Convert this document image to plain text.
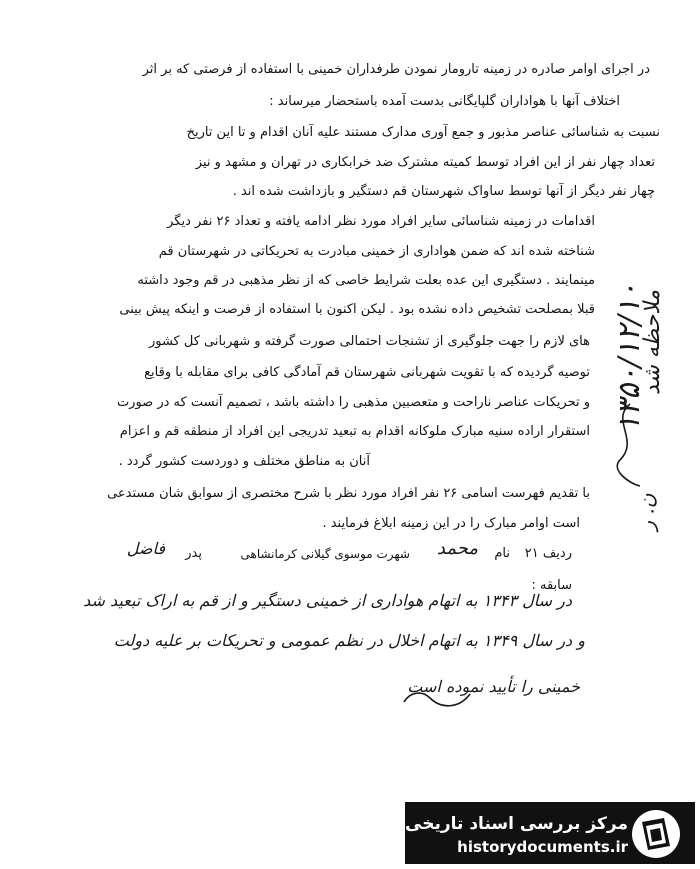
در اجرای اوامر صادره در زمینه تارومار نمودن طرفداران خمینی با استفاده از فرصتی که بر اثر
اختلاف آنها با هواداران گلپایگانی بدست آمده باستحضار میرساند :
نسبت به شناسائی عناصر مذبور و جمع آوری مدارک مستند علیه آنان اقدام و تا این تاریخ
تعداد چهار نفر از این افراد توسط کمیته مشترک ضد خرابکاری در تهران و مشهد و نیز
چهار نفر دیگر از آنها توسط ساواک شهرستان قم دستگیر و بازداشت شده اند .
اقدامات در زمینه شناسائی سایر افراد مورد نظر ادامه یافته و تعداد ۲۶ نفر دیگر
شناخته شده اند که ضمن هواداری از خمینی مبادرت به تحریکاتی در شهرستان قم
مینمایند . دستگیری این عده بعلت شرایط خاصی که از نظر مذهبی در قم وجود داشته
قبلا بمصلحت تشخیص داده نشده بود . لیکن اکنون با استفاده از فرصت و اینکه پیش بینی
های لازم را جهت جلوگیری از تشنجات احتمالی صورت گرفته و شهربانی کل کشور
توصیه گردیده که با تقویت شهربانی شهرستان قم آمادگی کافی برای مقابله با وقایع
و تحریکات عناصر ناراحت و متعصبین مذهبی را داشته باشد ، تصمیم آنست که در صورت
استقرار اراده سنیه مبارک ملوکانه اقدام به تبعید تدریجی این افراد از منطقه قم و اعزام
آنان به مناطق مختلف و دوردست کشور گردد .
با تقدیم فهرست اسامی ۲۶ نفر افراد مورد نظر با شرح مختصری از سوابق شان مستدعی
است اوامر مبارک را در این زمینه ابلاغ فرمایند .
ردیف ۲۱
نام
محمد
شهرت موسوی گیلانی کرمانشاهی
پدر
فاضل
سابقه :
در سال ۱۳۴۳ به اتهام هواداری از خمینی دستگیر و از قم به اراک تبعید شد
و در سال ۱۳۴۹ به اتهام اخلال در نظم عمومی و تحریکات بر علیه دولت
خمینی را تأیید نموده است
۱۳۵۰/۱۲/۱۰
ملاحظه شد
ن. ر
مرکز بررسی اسناد تاریخی
historydocuments.ir
